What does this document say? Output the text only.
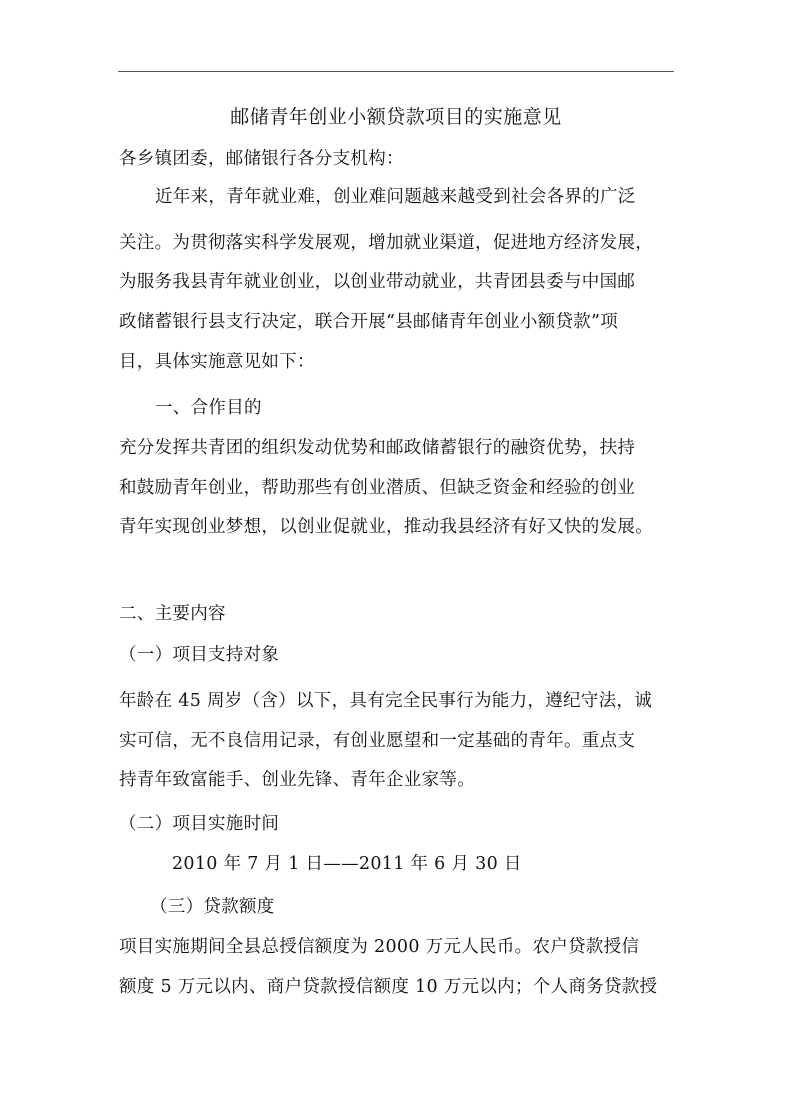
邮储青年创业小额贷款项目的实施意见
各乡镇团委，邮储银行各分支机构：
近年来，青年就业难，创业难问题越来越受到社会各界的广泛
关注。为贯彻落实科学发展观，增加就业渠道，促进地方经济发展，
为服务我县青年就业创业，以创业带动就业，共青团县委与中国邮
政储蓄银行县支行决定，联合开展“县邮储青年创业小额贷款”项
目，具体实施意见如下：
一、合作目的
充分发挥共青团的组织发动优势和邮政储蓄银行的融资优势，扶持
和鼓励青年创业，帮助那些有创业潜质、但缺乏资金和经验的创业
青年实现创业梦想，以创业促就业，推动我县经济有好又快的发展。
二、主要内容
（一）项目支持对象
年龄在 45 周岁（含）以下，具有完全民事行为能力，遵纪守法，诚
实可信，无不良信用记录，有创业愿望和一定基础的青年。重点支
持青年致富能手、创业先锋、青年企业家等。
（二）项目实施时间
2010 年 7 月 1 日——2011 年 6 月 30 日
（三）贷款额度
项目实施期间全县总授信额度为 2000 万元人民币。农户贷款授信
额度 5 万元以内、商户贷款授信额度 10 万元以内；个人商务贷款授
